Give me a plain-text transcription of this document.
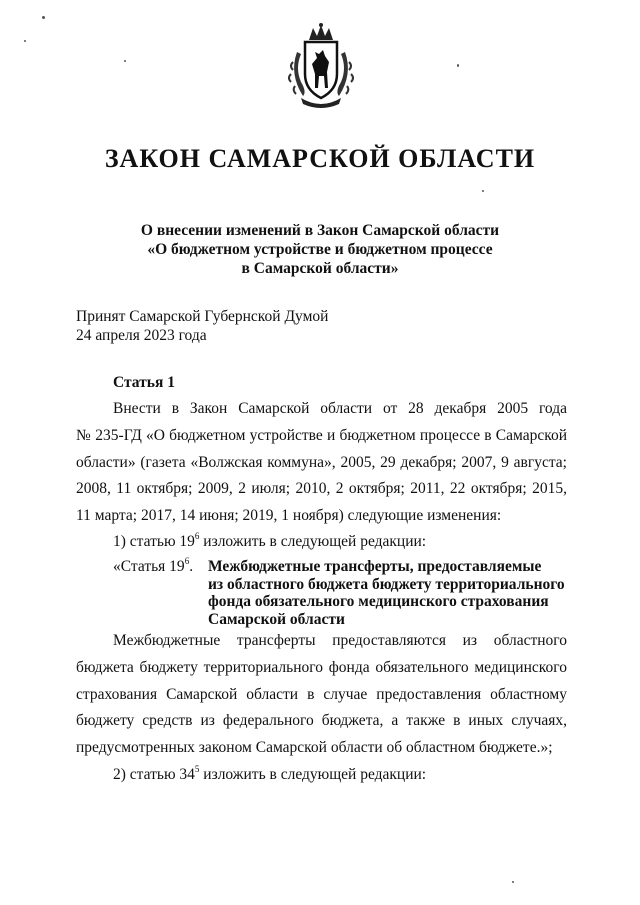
ЗАКОН САМАРСКОЙ ОБЛАСТИ
О внесении изменений в Закон Самарской области
«О бюджетном устройстве и бюджетном процессе
в Самарской области»
Принят Самарской Губернской Думой
24 апреля 2023 года
Статья 1
Внести в Закон Самарской области от 28 декабря 2005 года
№ 235-ГД «О бюджетном устройстве и бюджетном процессе в Самарской
области» (газета «Волжская коммуна», 2005, 29 декабря; 2007, 9 августа;
2008, 11 октября; 2009, 2 июля; 2010, 2 октября; 2011, 22 октября; 2015,
11 марта; 2017, 14 июня; 2019, 1 ноября) следующие изменения:
1) статью $19^6$ изложить в следующей редакции:
«Статья $19^6$. Межбюджетные трансферты, предоставляемые
из областного бюджета бюджету территориального
фонда обязательного медицинского страхования
Самарской области
Межбюджетные трансферты предоставляются из областного
бюджета бюджету территориального фонда обязательного медицинского
страхования Самарской области в случае предоставления областному
бюджету средств из федерального бюджета, а также в иных случаях,
предусмотренных законом Самарской области об областном бюджете.»;
2) статью $34^5$ изложить в следующей редакции:
